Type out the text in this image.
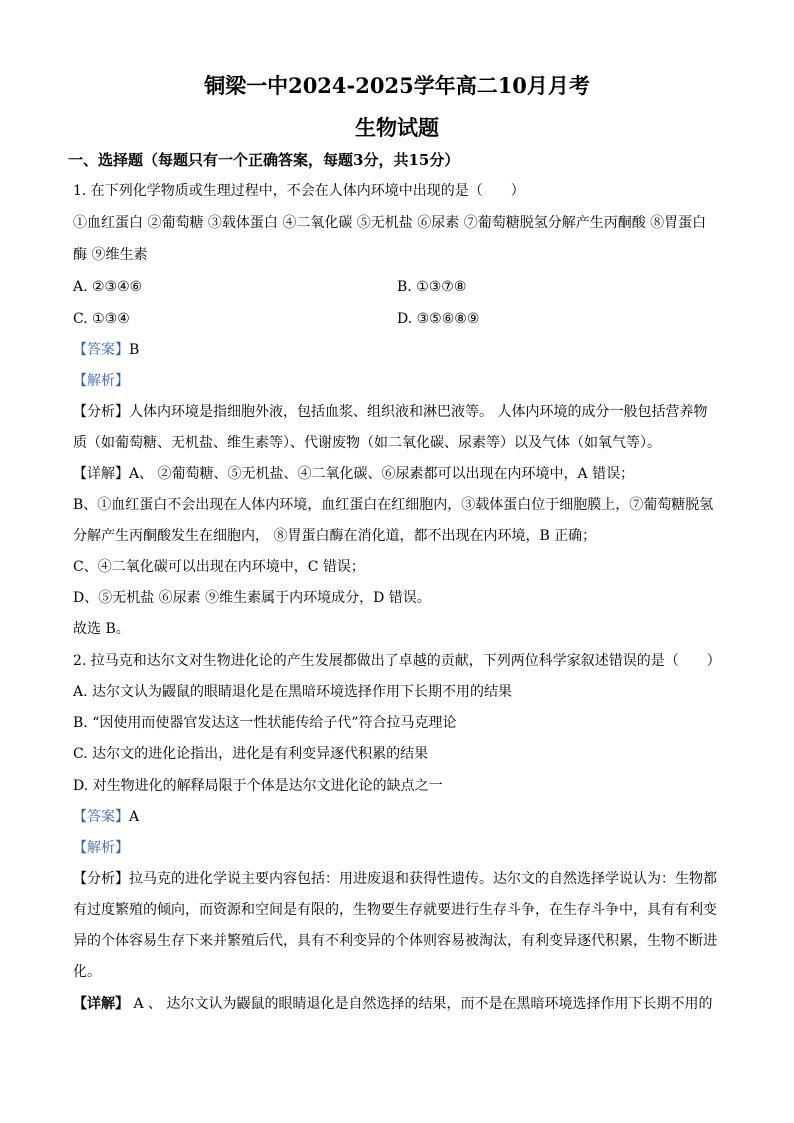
铜梁一中2024-2025学年高二10月月考
生物试题
一、选择题（每题只有一个正确答案，每题3分，共15分）
1. 在下列化学物质或生理过程中，不会在人体内环境中出现的是（　　）
①血红蛋白 ②葡萄糖 ③载体蛋白 ④二氧化碳 ⑤无机盐 ⑥尿素 ⑦葡萄糖脱氢分解产生丙酮酸 ⑧胃蛋白
酶 ⑨维生素
A. ②③④⑥	B. ①③⑦⑧
C. ①③④	D. ③⑤⑥⑧⑨
【答案】B
【解析】
【分析】人体内环境是指细胞外液，包括血浆、组织液和淋巴液等。 人体内环境的成分一般包括营养物
质（如葡萄糖、无机盐、维生素等）、代谢废物（如二氧化碳、尿素等）以及气体（如氧气等）。
【详解】A、 ②葡萄糖、⑤无机盐、④二氧化碳、⑥尿素都可以出现在内环境中，A 错误；
B、①血红蛋白不会出现在人体内环境，血红蛋白在红细胞内，③载体蛋白位于细胞膜上，⑦葡萄糖脱氢
分解产生丙酮酸发生在细胞内， ⑧胃蛋白酶在消化道，都不出现在内环境，B 正确；
C、④二氧化碳可以出现在内环境中，C 错误；
D、⑤无机盐 ⑥尿素 ⑨维生素属于内环境成分，D 错误。
故选 B。
2. 拉马克和达尔文对生物进化论的产生发展都做出了卓越的贡献，下列两位科学家叙述错误的是（　　）
A. 达尔文认为鼹鼠的眼睛退化是在黑暗环境选择作用下长期不用的结果
B. “因使用而使器官发达这一性状能传给子代”符合拉马克理论
C. 达尔文的进化论指出，进化是有利变异逐代积累的结果
D. 对生物进化的解释局限于个体是达尔文进化论的缺点之一
【答案】A
【解析】
【分析】拉马克的进化学说主要内容包括：用进废退和获得性遗传。达尔文的自然选择学说认为：生物都
有过度繁殖的倾向，而资源和空间是有限的，生物要生存就要进行生存斗争，在生存斗争中，具有有利变
异的个体容易生存下来并繁殖后代，具有不利变异的个体则容易被淘汰，有利变异逐代积累，生物不断进
化。
【详解】 A 、 达尔文认为鼹鼠的眼睛退化是自然选择的结果，而不是在黑暗环境选择作用下长期不用的
